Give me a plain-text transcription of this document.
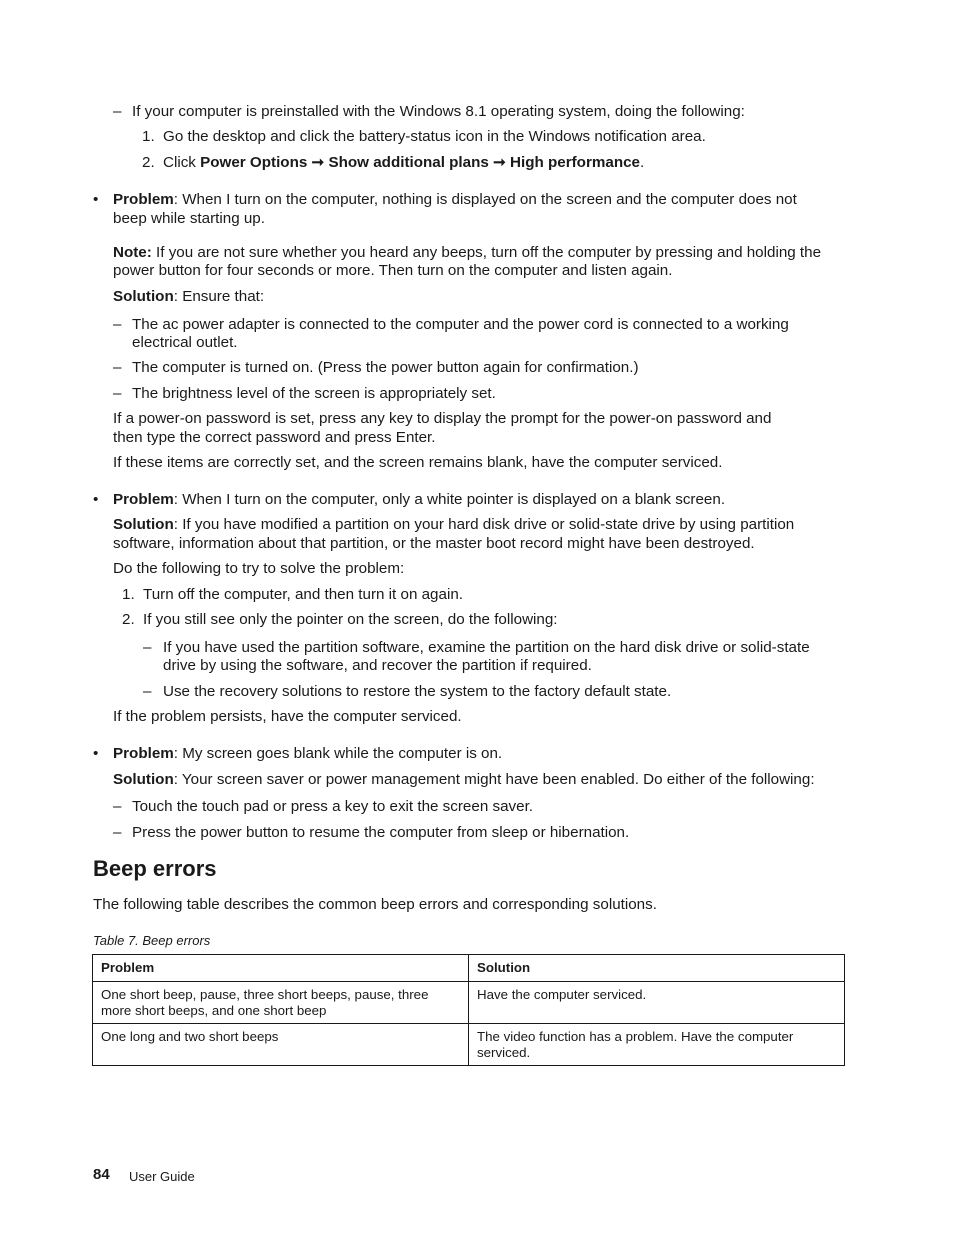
– If your computer is preinstalled with the Windows 8.1 operating system, doing the following:
1. Go the desktop and click the battery-status icon in the Windows notification area.
2. Click Power Options ➞ Show additional plans ➞ High performance.
• Problem: When I turn on the computer, nothing is displayed on the screen and the computer does not
beep while starting up.
Note: If you are not sure whether you heard any beeps, turn off the computer by pressing and holding the
power button for four seconds or more. Then turn on the computer and listen again.
Solution: Ensure that:
– The ac power adapter is connected to the computer and the power cord is connected to a working
electrical outlet.
– The computer is turned on. (Press the power button again for confirmation.)
– The brightness level of the screen is appropriately set.
If a power-on password is set, press any key to display the prompt for the power-on password and
then type the correct password and press Enter.
If these items are correctly set, and the screen remains blank, have the computer serviced.
• Problem: When I turn on the computer, only a white pointer is displayed on a blank screen.
Solution: If you have modified a partition on your hard disk drive or solid-state drive by using partition
software, information about that partition, or the master boot record might have been destroyed.
Do the following to try to solve the problem:
1. Turn off the computer, and then turn it on again.
2. If you still see only the pointer on the screen, do the following:
– If you have used the partition software, examine the partition on the hard disk drive or solid-state
drive by using the software, and recover the partition if required.
– Use the recovery solutions to restore the system to the factory default state.
If the problem persists, have the computer serviced.
• Problem: My screen goes blank while the computer is on.
Solution: Your screen saver or power management might have been enabled. Do either of the following:
– Touch the touch pad or press a key to exit the screen saver.
– Press the power button to resume the computer from sleep or hibernation.
Beep errors
The following table describes the common beep errors and corresponding solutions.
Table 7. Beep errors
Problem	Solution
One short beep, pause, three short beeps, pause, three more short beeps, and one short beep	Have the computer serviced.
One long and two short beeps	The video function has a problem. Have the computer serviced.
84 User Guide
